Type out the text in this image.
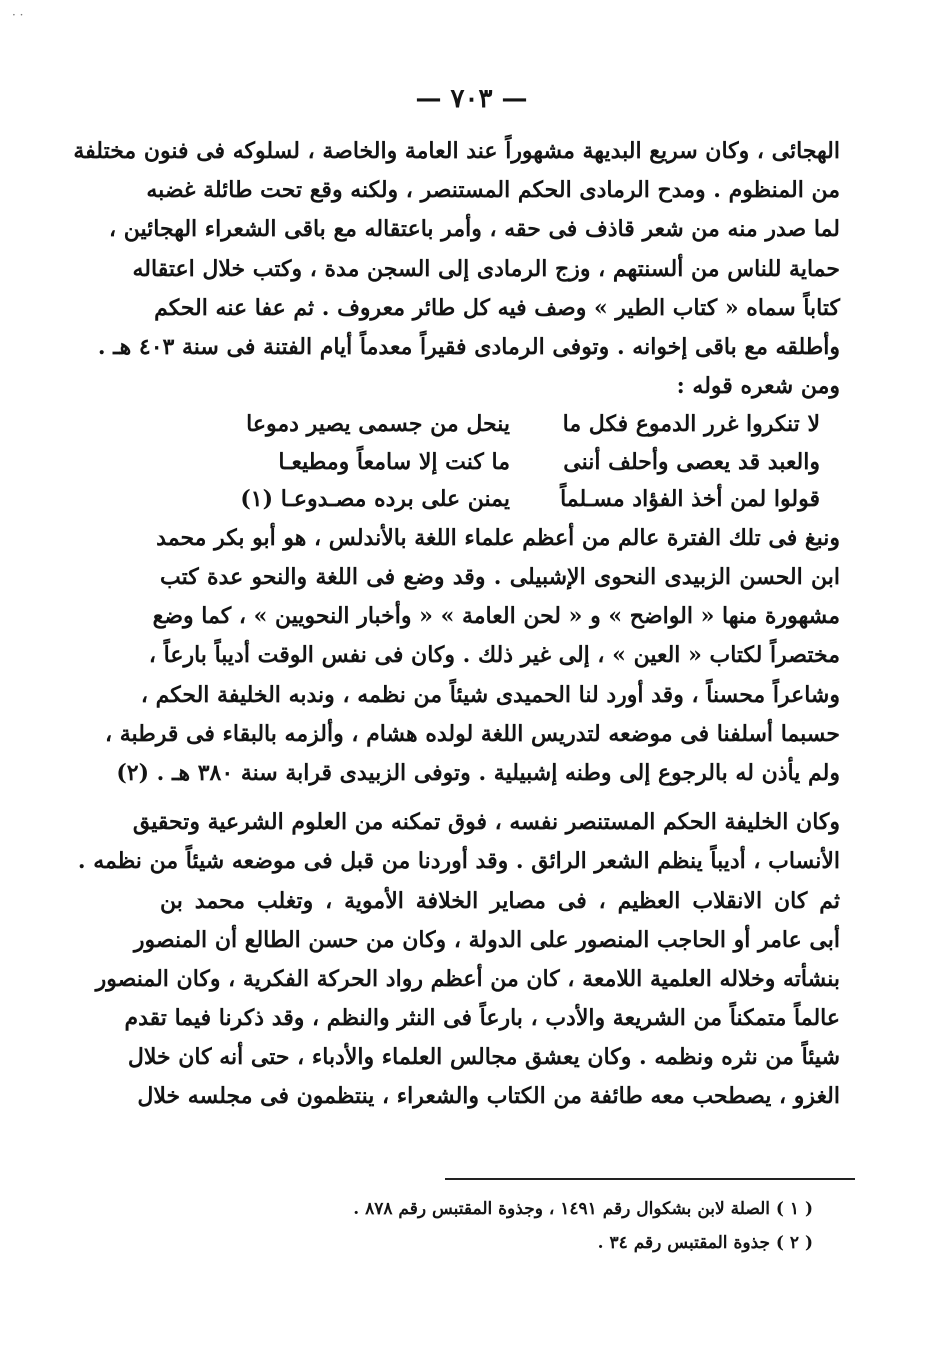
· ·
— ٧٠٣ —
الهجائى ، وكان سريع البديهة مشهوراً عند العامة والخاصة ، لسلوكه فى فنون مختلفة
من المنظوم . ومدح الرمادى الحكم المستنصر ، ولكنه وقع تحت طائلة غضبه
لما صدر منه من شعر قاذف فى حقه ، وأمر باعتقاله مع باقى الشعراء الهجائين ،
حماية للناس من ألسنتهم ، وزج الرمادى إلى السجن مدة ، وكتب خلال اعتقاله
كتاباً سماه « كتاب الطير » وصف فيه كل طائر معروف . ثم عفا عنه الحكم
وأطلقه مع باقى إخوانه . وتوفى الرمادى فقيراً معدماً أيام الفتنة فى سنة ٤٠٣ هـ .
ومن شعره قوله :
لا تنكروا غرر الدموع فكل ما
ينحل من جسمى يصير دموعا
والعبد قد يعصى وأحلف أننى
ما كنت إلا سامعاً ومطيعـا
قولوا لمن أخذ الفؤاد مسـلماً
يمنن على برده مصـدوعـا (١)
ونبغ فى تلك الفترة عالم من أعظم علماء اللغة بالأندلس ، هو أبو بكر محمد
ابن الحسن الزبيدى النحوى الإشبيلى . وقد وضع فى اللغة والنحو عدة كتب
مشهورة منها « الواضح » و « لحن العامة » « وأخبار النحويين » ، كما وضع
مختصراً لكتاب « العين » ، إلى غير ذلك . وكان فى نفس الوقت أديباً بارعاً ،
وشاعراً محسناً ، وقد أورد لنا الحميدى شيئاً من نظمه ، وندبه الخليفة الحكم ،
حسبما أسلفنا فى موضعه لتدريس اللغة لولده هشام ، وألزمه بالبقاء فى قرطبة ،
ولم يأذن له بالرجوع إلى وطنه إشبيلية . وتوفى الزبيدى قرابة سنة ٣٨٠ هـ . (٢)
وكان الخليفة الحكم المستنصر نفسه ، فوق تمكنه من العلوم الشرعية وتحقيق
الأنساب ، أديباً ينظم الشعر الرائق . وقد أوردنا من قبل فى موضعه شيئاً من نظمه .
ثم كان الانقلاب العظيم ، فى مصاير الخلافة الأموية ، وتغلب محمد بن
أبى عامر أو الحاجب المنصور على الدولة ، وكان من حسن الطالع أن المنصور
بنشأته وخلاله العلمية اللامعة ، كان من أعظم رواد الحركة الفكرية ، وكان المنصور
عالماً متمكناً من الشريعة والأدب ، بارعاً فى النثر والنظم ، وقد ذكرنا فيما تقدم
شيئاً من نثره ونظمه . وكان يعشق مجالس العلماء والأدباء ، حتى أنه كان خلال
الغزو ، يصطحب معه طائفة من الكتاب والشعراء ، ينتظمون فى مجلسه خلال
( ١ ) الصلة لابن بشكوال رقم ١٤٩١ ، وجذوة المقتبس رقم ٨٧٨ .
( ٢ ) جذوة المقتبس رقم ٣٤ .
